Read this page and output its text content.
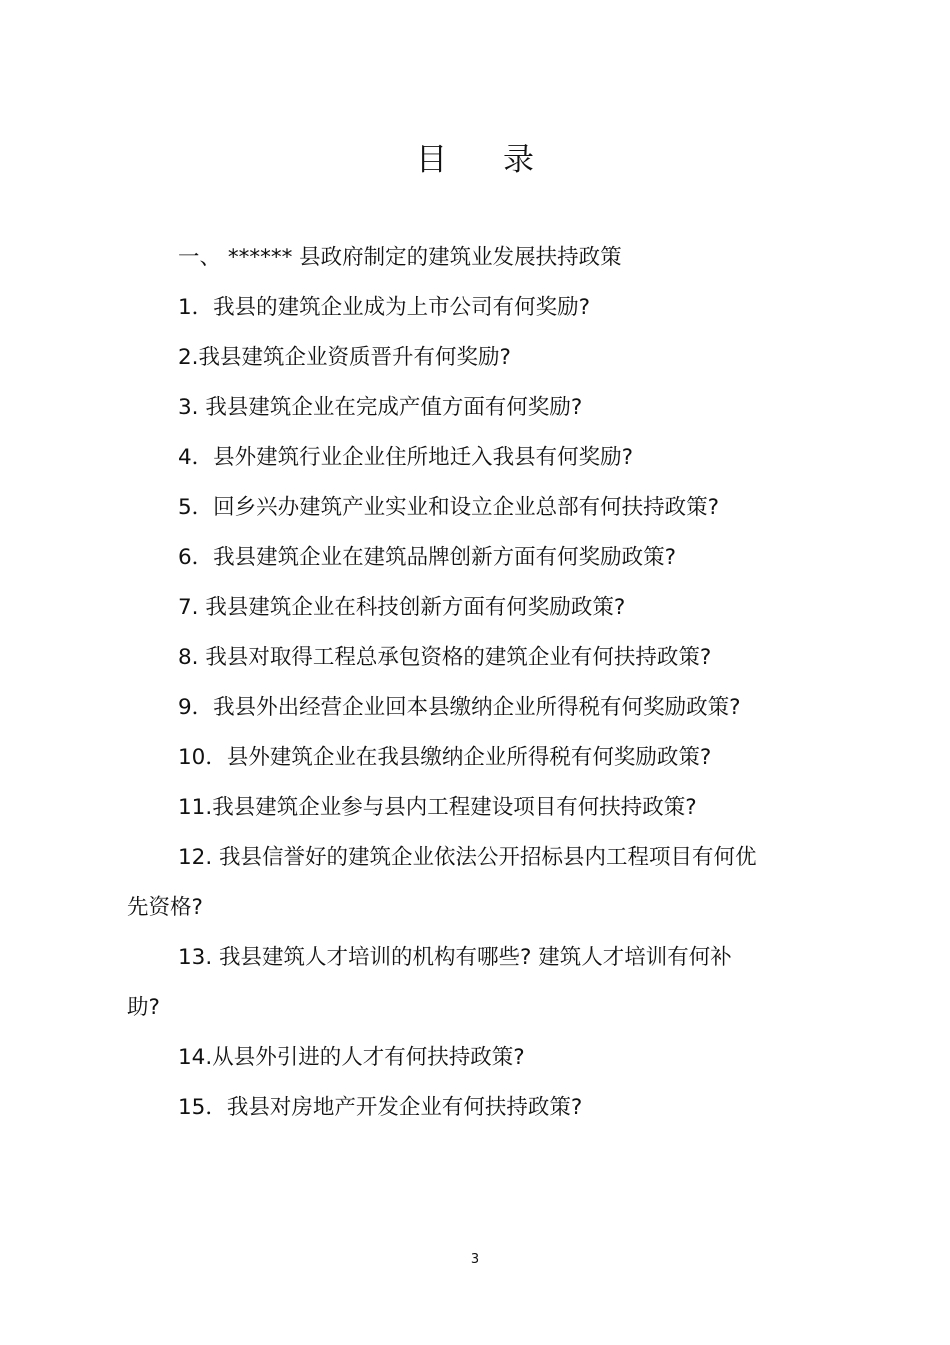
目录

一、 ****** 县政府制定的建筑业发展扶持政策

1．我县的建筑企业成为上市公司有何奖励?

2.我县建筑企业资质晋升有何奖励?

3. 我县建筑企业在完成产值方面有何奖励?

4．县外建筑行业企业住所地迁入我县有何奖励?

5．回乡兴办建筑产业实业和设立企业总部有何扶持政策?

6．我县建筑企业在建筑品牌创新方面有何奖励政策?

7. 我县建筑企业在科技创新方面有何奖励政策?

8. 我县对取得工程总承包资格的建筑企业有何扶持政策?

9．我县外出经营企业回本县缴纳企业所得税有何奖励政策?

10．县外建筑企业在我县缴纳企业所得税有何奖励政策?

11.我县建筑企业参与县内工程建设项目有何扶持政策?

12. 我县信誉好的建筑企业依法公开招标县内工程项目有何优先资格?

13. 我县建筑人才培训的机构有哪些? 建筑人才培训有何补助?

14.从县外引进的人才有何扶持政策?

15．我县对房地产开发企业有何扶持政策?

3
